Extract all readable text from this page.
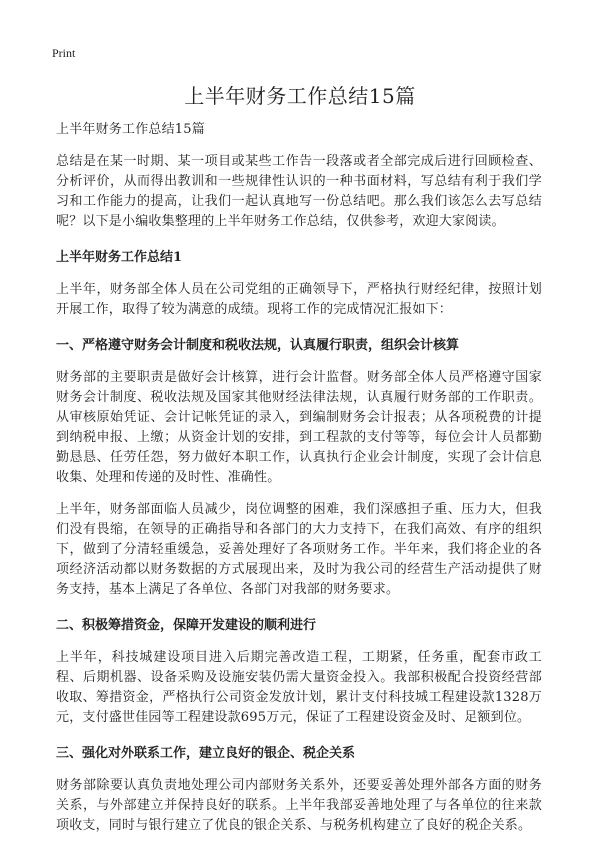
Print
上半年财务工作总结15篇

上半年财务工作总结15篇

总结是在某一时期、某一项目或某些工作告一段落或者全部完成后进行回顾检查、分析评价，从而得出教训和一些规律性认识的一种书面材料，写总结有利于我们学习和工作能力的提高，让我们一起认真地写一份总结吧。那么我们该怎么去写总结呢？以下是小编收集整理的上半年财务工作总结，仅供参考，欢迎大家阅读。

上半年财务工作总结1

上半年，财务部全体人员在公司党组的正确领导下，严格执行财经纪律，按照计划开展工作，取得了较为满意的成绩。现将工作的完成情况汇报如下：

一、严格遵守财务会计制度和税收法规，认真履行职责，组织会计核算

财务部的主要职责是做好会计核算，进行会计监督。财务部全体人员严格遵守国家财务会计制度、税收法规及国家其他财经法律法规，认真履行财务部的工作职责。从审核原始凭证、会计记帐凭证的录入，到编制财务会计报表；从各项税费的计提到纳税申报、上缴；从资金计划的安排，到工程款的支付等等，每位会计人员都勤勤恳恳、任劳任怨，努力做好本职工作，认真执行企业会计制度，实现了会计信息收集、处理和传递的及时性、准确性。

上半年，财务部面临人员减少，岗位调整的困难，我们深感担子重、压力大，但我们没有畏缩，在领导的正确指导和各部门的大力支持下，在我们高效、有序的组织下，做到了分清轻重缓急，妥善处理好了各项财务工作。半年来，我们将企业的各项经济活动都以财务数据的方式展现出来，及时为我公司的经营生产活动提供了财务支持，基本上满足了各单位、各部门对我部的财务要求。

二、积极筹措资金，保障开发建设的顺利进行

上半年，科技城建设项目进入后期完善改造工程，工期紧，任务重，配套市政工程、后期机器、设备采购及设施安装仍需大量资金投入。我部积极配合投资经营部收取、筹措资金，严格执行公司资金发放计划，累计支付科技城工程建设款1328万元，支付盛世佳园等工程建设款695万元，保证了工程建设资金及时、足额到位。

三、强化对外联系工作，建立良好的银企、税企关系

财务部除要认真负责地处理公司内部财务关系外，还要妥善处理外部各方面的财务关系，与外部建立并保持良好的联系。上半年我部妥善地处理了与各单位的往来款项收支，同时与银行建立了优良的银企关系、与税务机构建立了良好的税企关系。
